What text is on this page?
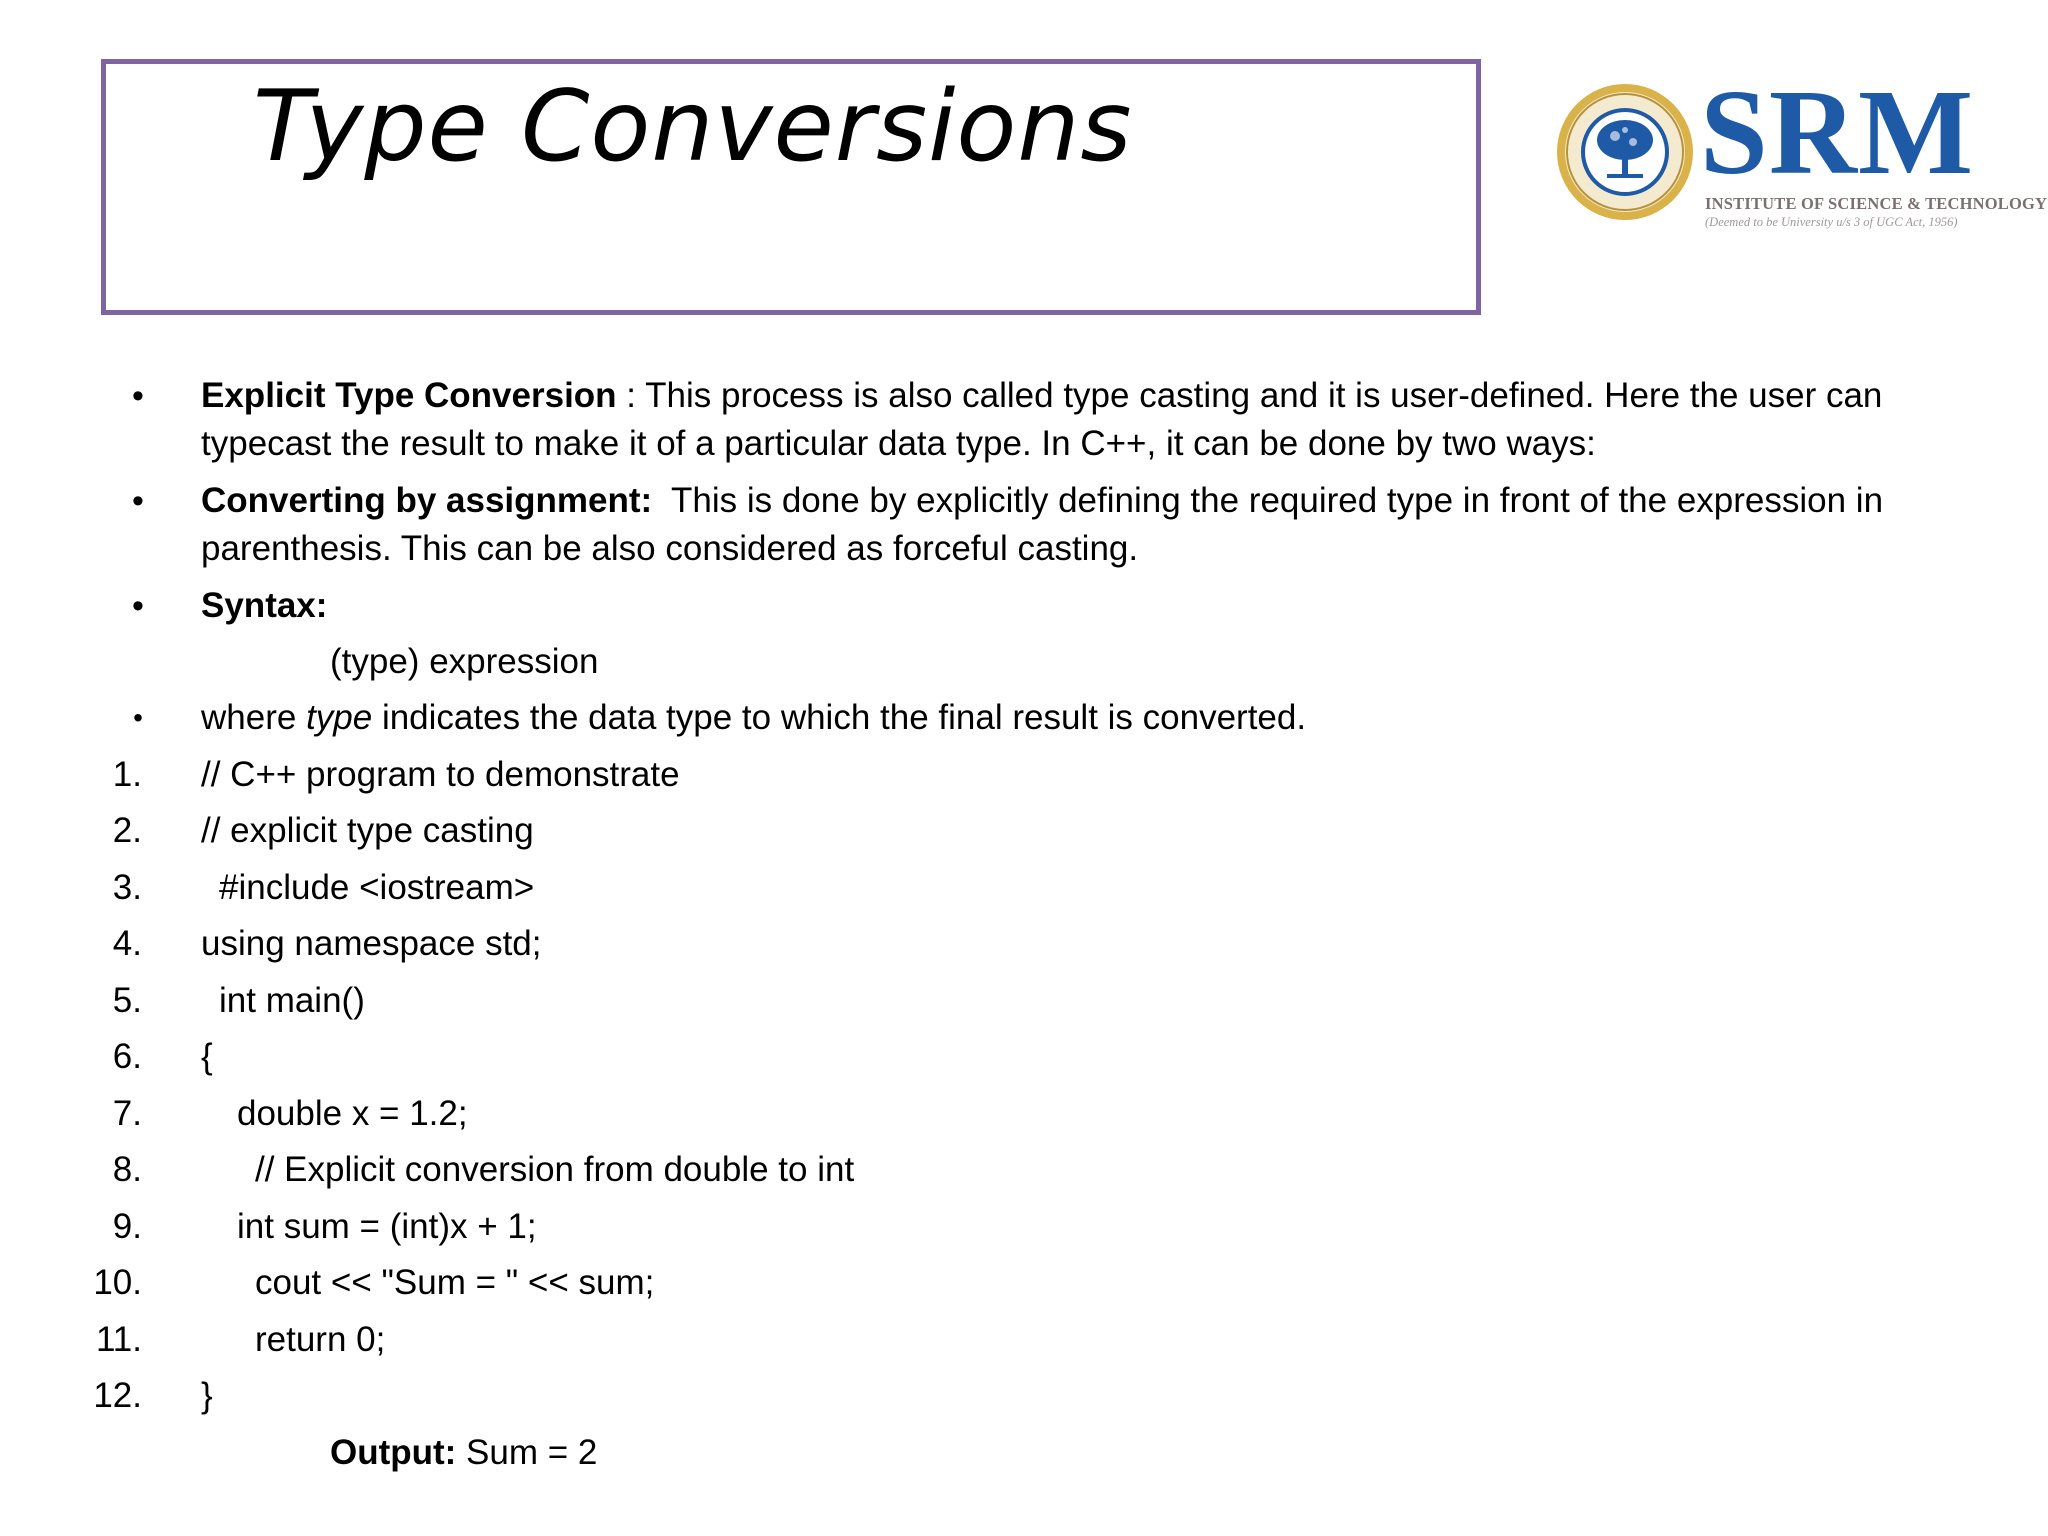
Type Conversions	SRM
INSTITUTE OF SCIENCE & TECHNOLOGY
(Deemed to be University u/s 3 of UGC Act, 1956)
• Explicit Type Conversion : This process is also called type casting and it is user-defined. Here the user can typecast the result to make it of a particular data type. In C++, it can be done by two ways:
• Converting by assignment:  This is done by explicitly defining the required type in front of the expression in parenthesis. This can be also considered as forceful casting.
• Syntax:
(type) expression
• where type indicates the data type to which the final result is converted.
1. // C++ program to demonstrate
2. // explicit type casting
3. #include <iostream>
4. using namespace std;
5. int main()
6. {
7.	double x = 1.2;
8.	// Explicit conversion from double to int
9.	int sum = (int)x + 1;
10.	cout << "Sum = " << sum;
11.	return 0;
12. }
Output: Sum = 2
